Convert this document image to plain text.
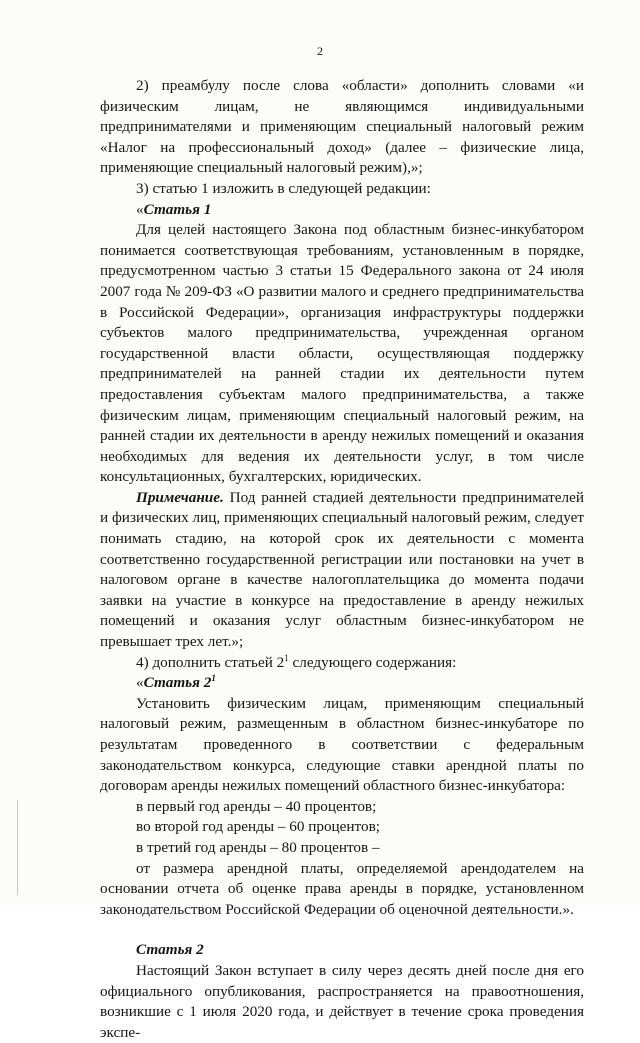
2

2) преамбулу после слова «области» дополнить словами «и физическим лицам, не являющимся индивидуальными предпринимателями и применяющим специальный налоговый режим «Налог на профессиональный доход» (далее – физические лица, применяющие специальный налоговый режим),»;

3) статью 1 изложить в следующей редакции:

«Статья 1

Для целей настоящего Закона под областным бизнес-инкубатором понимается соответствующая требованиям, установленным в порядке, предусмотренном частью 3 статьи 15 Федерального закона от 24 июля 2007 года № 209-ФЗ «О развитии малого и среднего предпринимательства в Российской Федерации», организация инфраструктуры поддержки субъектов малого предпринимательства, учрежденная органом государственной власти области, осуществляющая поддержку предпринимателей на ранней стадии их деятельности путем предоставления субъектам малого предпринимательства, а также физическим лицам, применяющим специальный налоговый режим, на ранней стадии их деятельности в аренду нежилых помещений и оказания необходимых для ведения их деятельности услуг, в том числе консультационных, бухгалтерских, юридических.

Примечание. Под ранней стадией деятельности предпринимателей и физических лиц, применяющих специальный налоговый режим, следует понимать стадию, на которой срок их деятельности с момента соответственно государственной регистрации или постановки на учет в налоговом органе в качестве налогоплательщика до момента подачи заявки на участие в конкурсе на предоставление в аренду нежилых помещений и оказания услуг областным бизнес-инкубатором не превышает трех лет.»;

4) дополнить статьей $2^1$ следующего содержания:

«Статья $2^1$

Установить физическим лицам, применяющим специальный налоговый режим, размещенным в областном бизнес-инкубаторе по результатам проведенного в соответствии с федеральным законодательством конкурса, следующие ставки арендной платы по договорам аренды нежилых помещений областного бизнес-инкубатора:

в первый год аренды – 40 процентов;

во второй год аренды – 60 процентов;

в третий год аренды – 80 процентов –

от размера арендной платы, определяемой арендодателем на основании отчета об оценке права аренды в порядке, установленном законодательством Российской Федерации об оценочной деятельности.».

Статья 2

Настоящий Закон вступает в силу через десять дней после дня его официального опубликования, распространяется на правоотношения, возникшие с 1 июля 2020 года, и действует в течение срока проведения экспе-
